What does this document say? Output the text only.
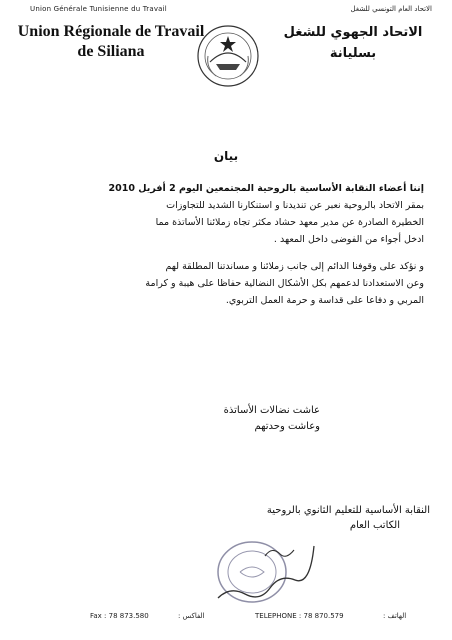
Union Générale Tunisienne du Travail
Union Régionale de Travail
de Siliana
الاتحاد العام التونسي للشغل
الاتحاد الجهوي للشغل
بسليانة
بيان

إننا أعضاء النقابة الأساسية بالروحية المجتمعين اليوم 2 أفريل 2010
بمقر الاتحاد بالروحية نعبر عن تنديدنا و استنكارنا الشديد للتجاوزات
الخطيرة الصادرة عن مدير معهد حشاد مكثر تجاه زملائنا الأساتذة مما
ادخل أجواء من الفوضى داخل المعهد .

و نؤكد على وقوفنا الدائم إلى جانب زملائنا و مساندتنا المطلقة لهم
وعن الاستعدادنا لدعمهم بكل الأشكال النضالية حفاظا على هيبة و كرامة
المربي و دفاعا على قداسة و حرمة العمل التربوي.

عاشت نضالات الأساتذة
وعاشت وحدتهم
النقابة الأساسية للتعليم الثانوي بالروحية
الكاتب العام
Fax : 78 873.580	الفاكس :	TELEPHONE : 78 870.579	الهاتف :
